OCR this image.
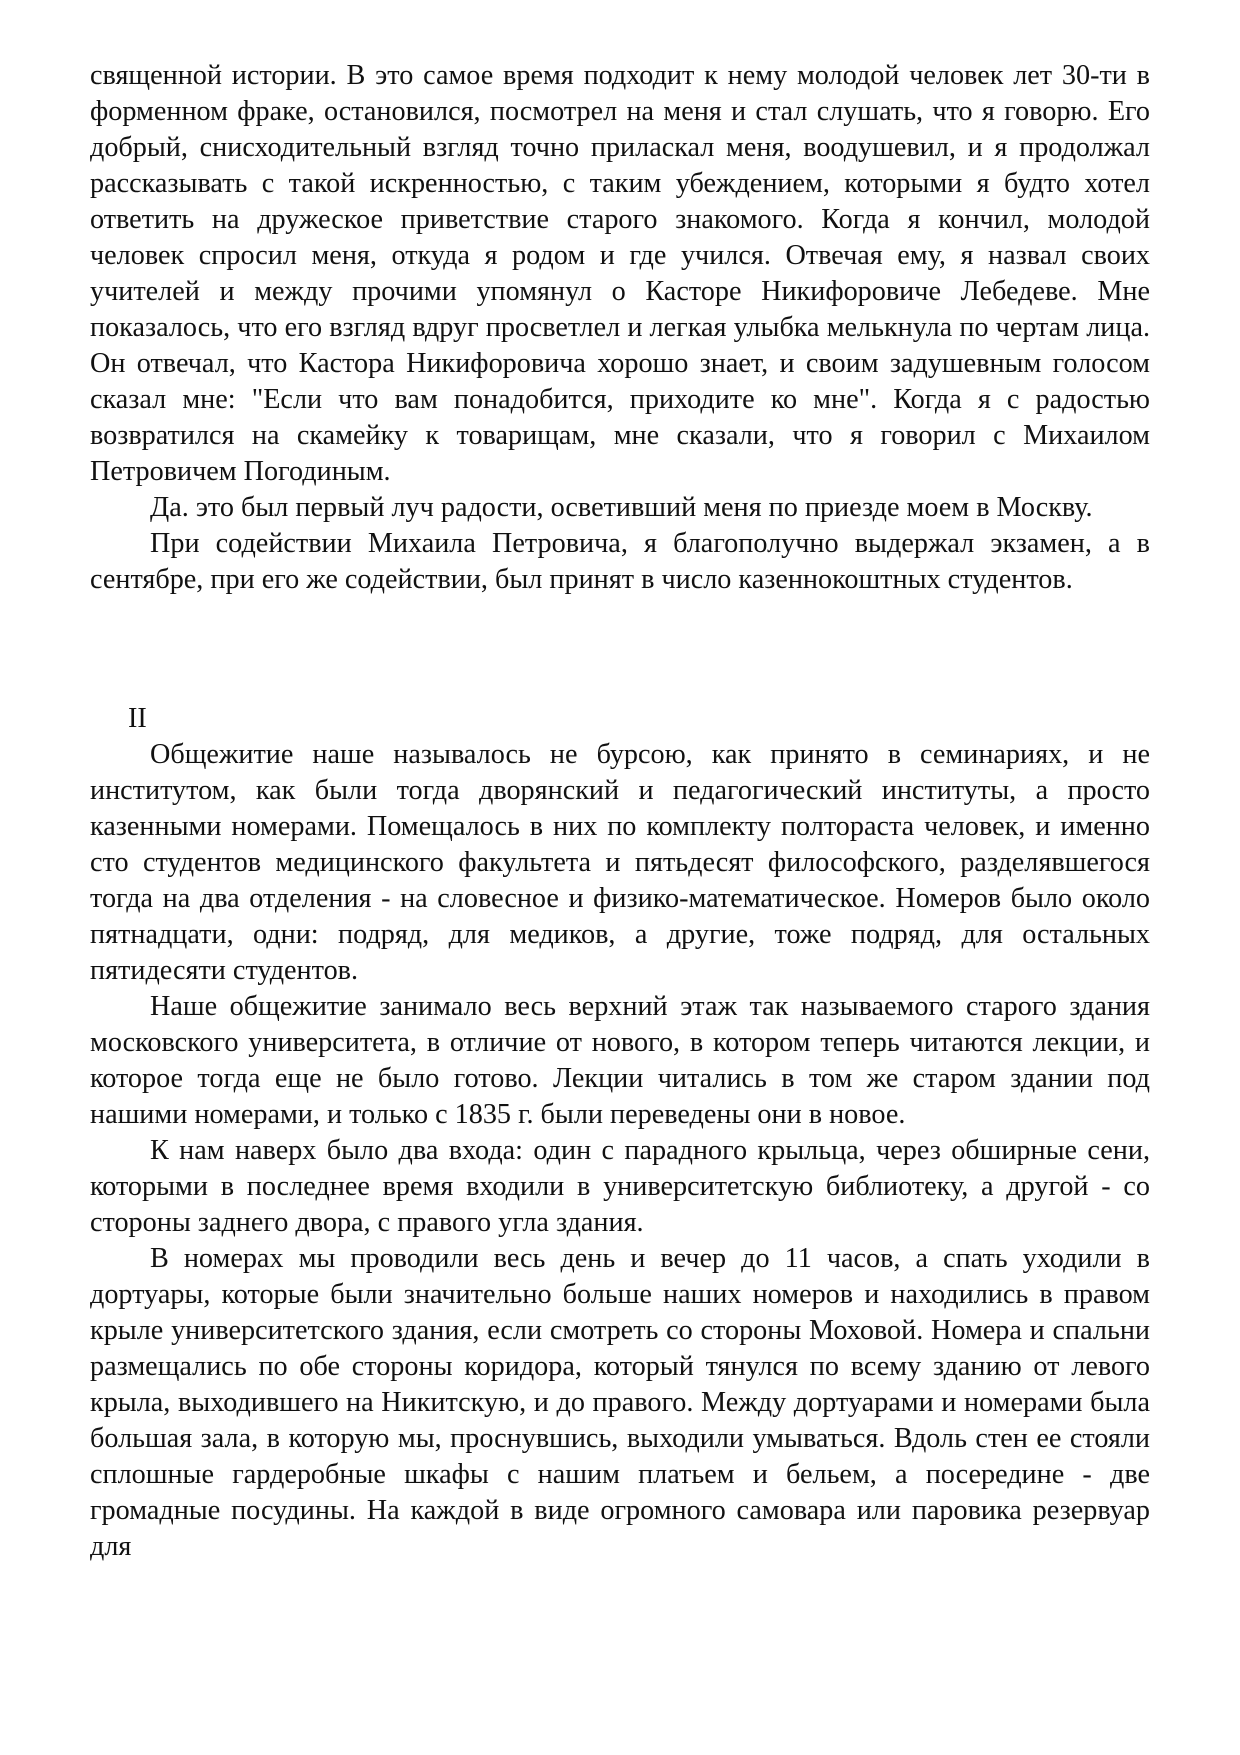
священной истории. В это самое время подходит к нему молодой человек лет 30-ти в форменном фраке, остановился, посмотрел на меня и стал слушать, что я говорю. Его добрый, снисходительный взгляд точно приласкал меня, воодушевил, и я продолжал рассказывать с такой искренностью, с таким убеждением, которыми я будто хотел ответить на дружеское приветствие старого знакомого. Когда я кончил, молодой человек спросил меня, откуда я родом и где учился. Отвечая ему, я назвал своих учителей и между прочими упомянул о Касторе Никифоровиче Лебедеве. Мне показалось, что его взгляд вдруг просветлел и легкая улыбка мелькнула по чертам лица. Он отвечал, что Кастора Никифоровича хорошо знает, и своим задушевным голосом сказал мне: "Если что вам понадобится, приходите ко мне". Когда я с радостью возвратился на скамейку к товарищам, мне сказали, что я говорил с Михаилом Петровичем Погодиным.

Да. это был первый луч радости, осветивший меня по приезде моем в Москву.

При содействии Михаила Петровича, я благополучно выдержал экзамен, а в сентябре, при его же содействии, был принят в число казеннокоштных студентов.

II

Общежитие наше называлось не бурсою, как принято в семинариях, и не институтом, как были тогда дворянский и педагогический институты, а просто казенными номерами. Помещалось в них по комплекту полтораста человек, и именно сто студентов медицинского факультета и пятьдесят философского, разделявшегося тогда на два отделения - на словесное и физико-математическое. Номеров было около пятнадцати, одни: подряд, для медиков, а другие, тоже подряд, для остальных пятидесяти студентов.

Наше общежитие занимало весь верхний этаж так называемого старого здания московского университета, в отличие от нового, в котором теперь читаются лекции, и которое тогда еще не было готово. Лекции читались в том же старом здании под нашими номерами, и только с 1835 г. были переведены они в новое.

К нам наверх было два входа: один с парадного крыльца, через обширные сени, которыми в последнее время входили в университетскую библиотеку, а другой - со стороны заднего двора, с правого угла здания.

В номерах мы проводили весь день и вечер до 11 часов, а спать уходили в дортуары, которые были значительно больше наших номеров и находились в правом крыле университетского здания, если смотреть со стороны Моховой. Номера и спальни размещались по обе стороны коридора, который тянулся по всему зданию от левого крыла, выходившего на Никитскую, и до правого. Между дортуарами и номерами была большая зала, в которую мы, проснувшись, выходили умываться. Вдоль стен ее стояли сплошные гардеробные шкафы с нашим платьем и бельем, а посередине - две громадные посудины. На каждой в виде огромного самовара или паровика резервуар для
